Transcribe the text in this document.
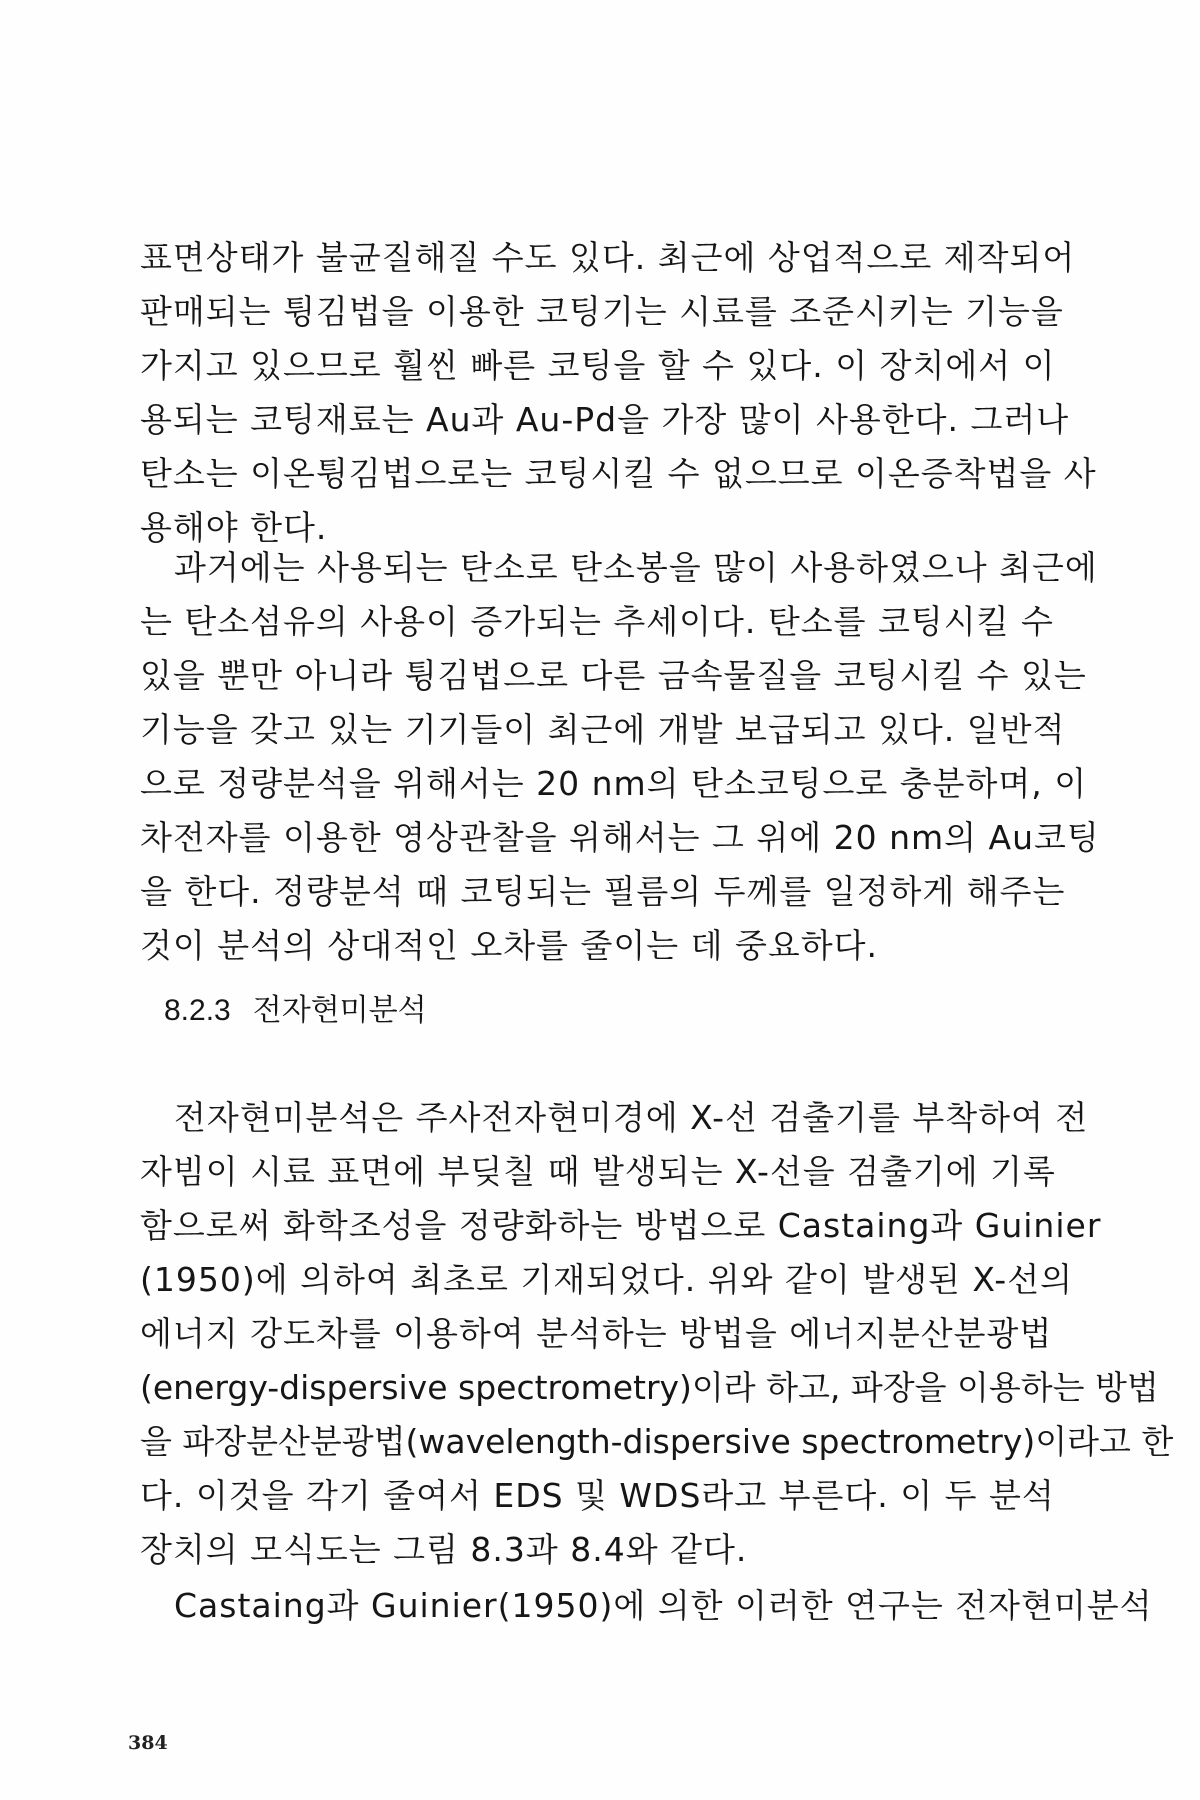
표면상태가 불균질해질 수도 있다. 최근에 상업적으로 제작되어
판매되는 튕김법을 이용한 코팅기는 시료를 조준시키는 기능을
가지고 있으므로 훨씬 빠른 코팅을 할 수 있다. 이 장치에서 이
용되는 코팅재료는 Au과 Au-Pd을 가장 많이 사용한다. 그러나
탄소는 이온튕김법으로는 코팅시킬 수 없으므로 이온증착법을 사
용해야 한다.
과거에는 사용되는 탄소로 탄소봉을 많이 사용하였으나 최근에
는 탄소섬유의 사용이 증가되는 추세이다. 탄소를 코팅시킬 수
있을 뿐만 아니라 튕김법으로 다른 금속물질을 코팅시킬 수 있는
기능을 갖고 있는 기기들이 최근에 개발 보급되고 있다. 일반적
으로 정량분석을 위해서는 20 nm의 탄소코팅으로 충분하며, 이
차전자를 이용한 영상관찰을 위해서는 그 위에 20 nm의 Au코팅
을 한다. 정량분석 때 코팅되는 필름의 두께를 일정하게 해주는
것이 분석의 상대적인 오차를 줄이는 데 중요하다.
8.2.3 전자현미분석
전자현미분석은 주사전자현미경에 X-선 검출기를 부착하여 전
자빔이 시료 표면에 부딪칠 때 발생되는 X-선을 검출기에 기록
함으로써 화학조성을 정량화하는 방법으로 Castaing과 Guinier
(1950)에 의하여 최초로 기재되었다. 위와 같이 발생된 X-선의
에너지 강도차를 이용하여 분석하는 방법을 에너지분산분광법
(energy-dispersive spectrometry)이라 하고, 파장을 이용하는 방법
을 파장분산분광법(wavelength-dispersive spectrometry)이라고 한
다. 이것을 각기 줄여서 EDS 및 WDS라고 부른다. 이 두 분석
장치의 모식도는 그림 8.3과 8.4와 같다.
Castaing과 Guinier(1950)에 의한 이러한 연구는 전자현미분석
384
